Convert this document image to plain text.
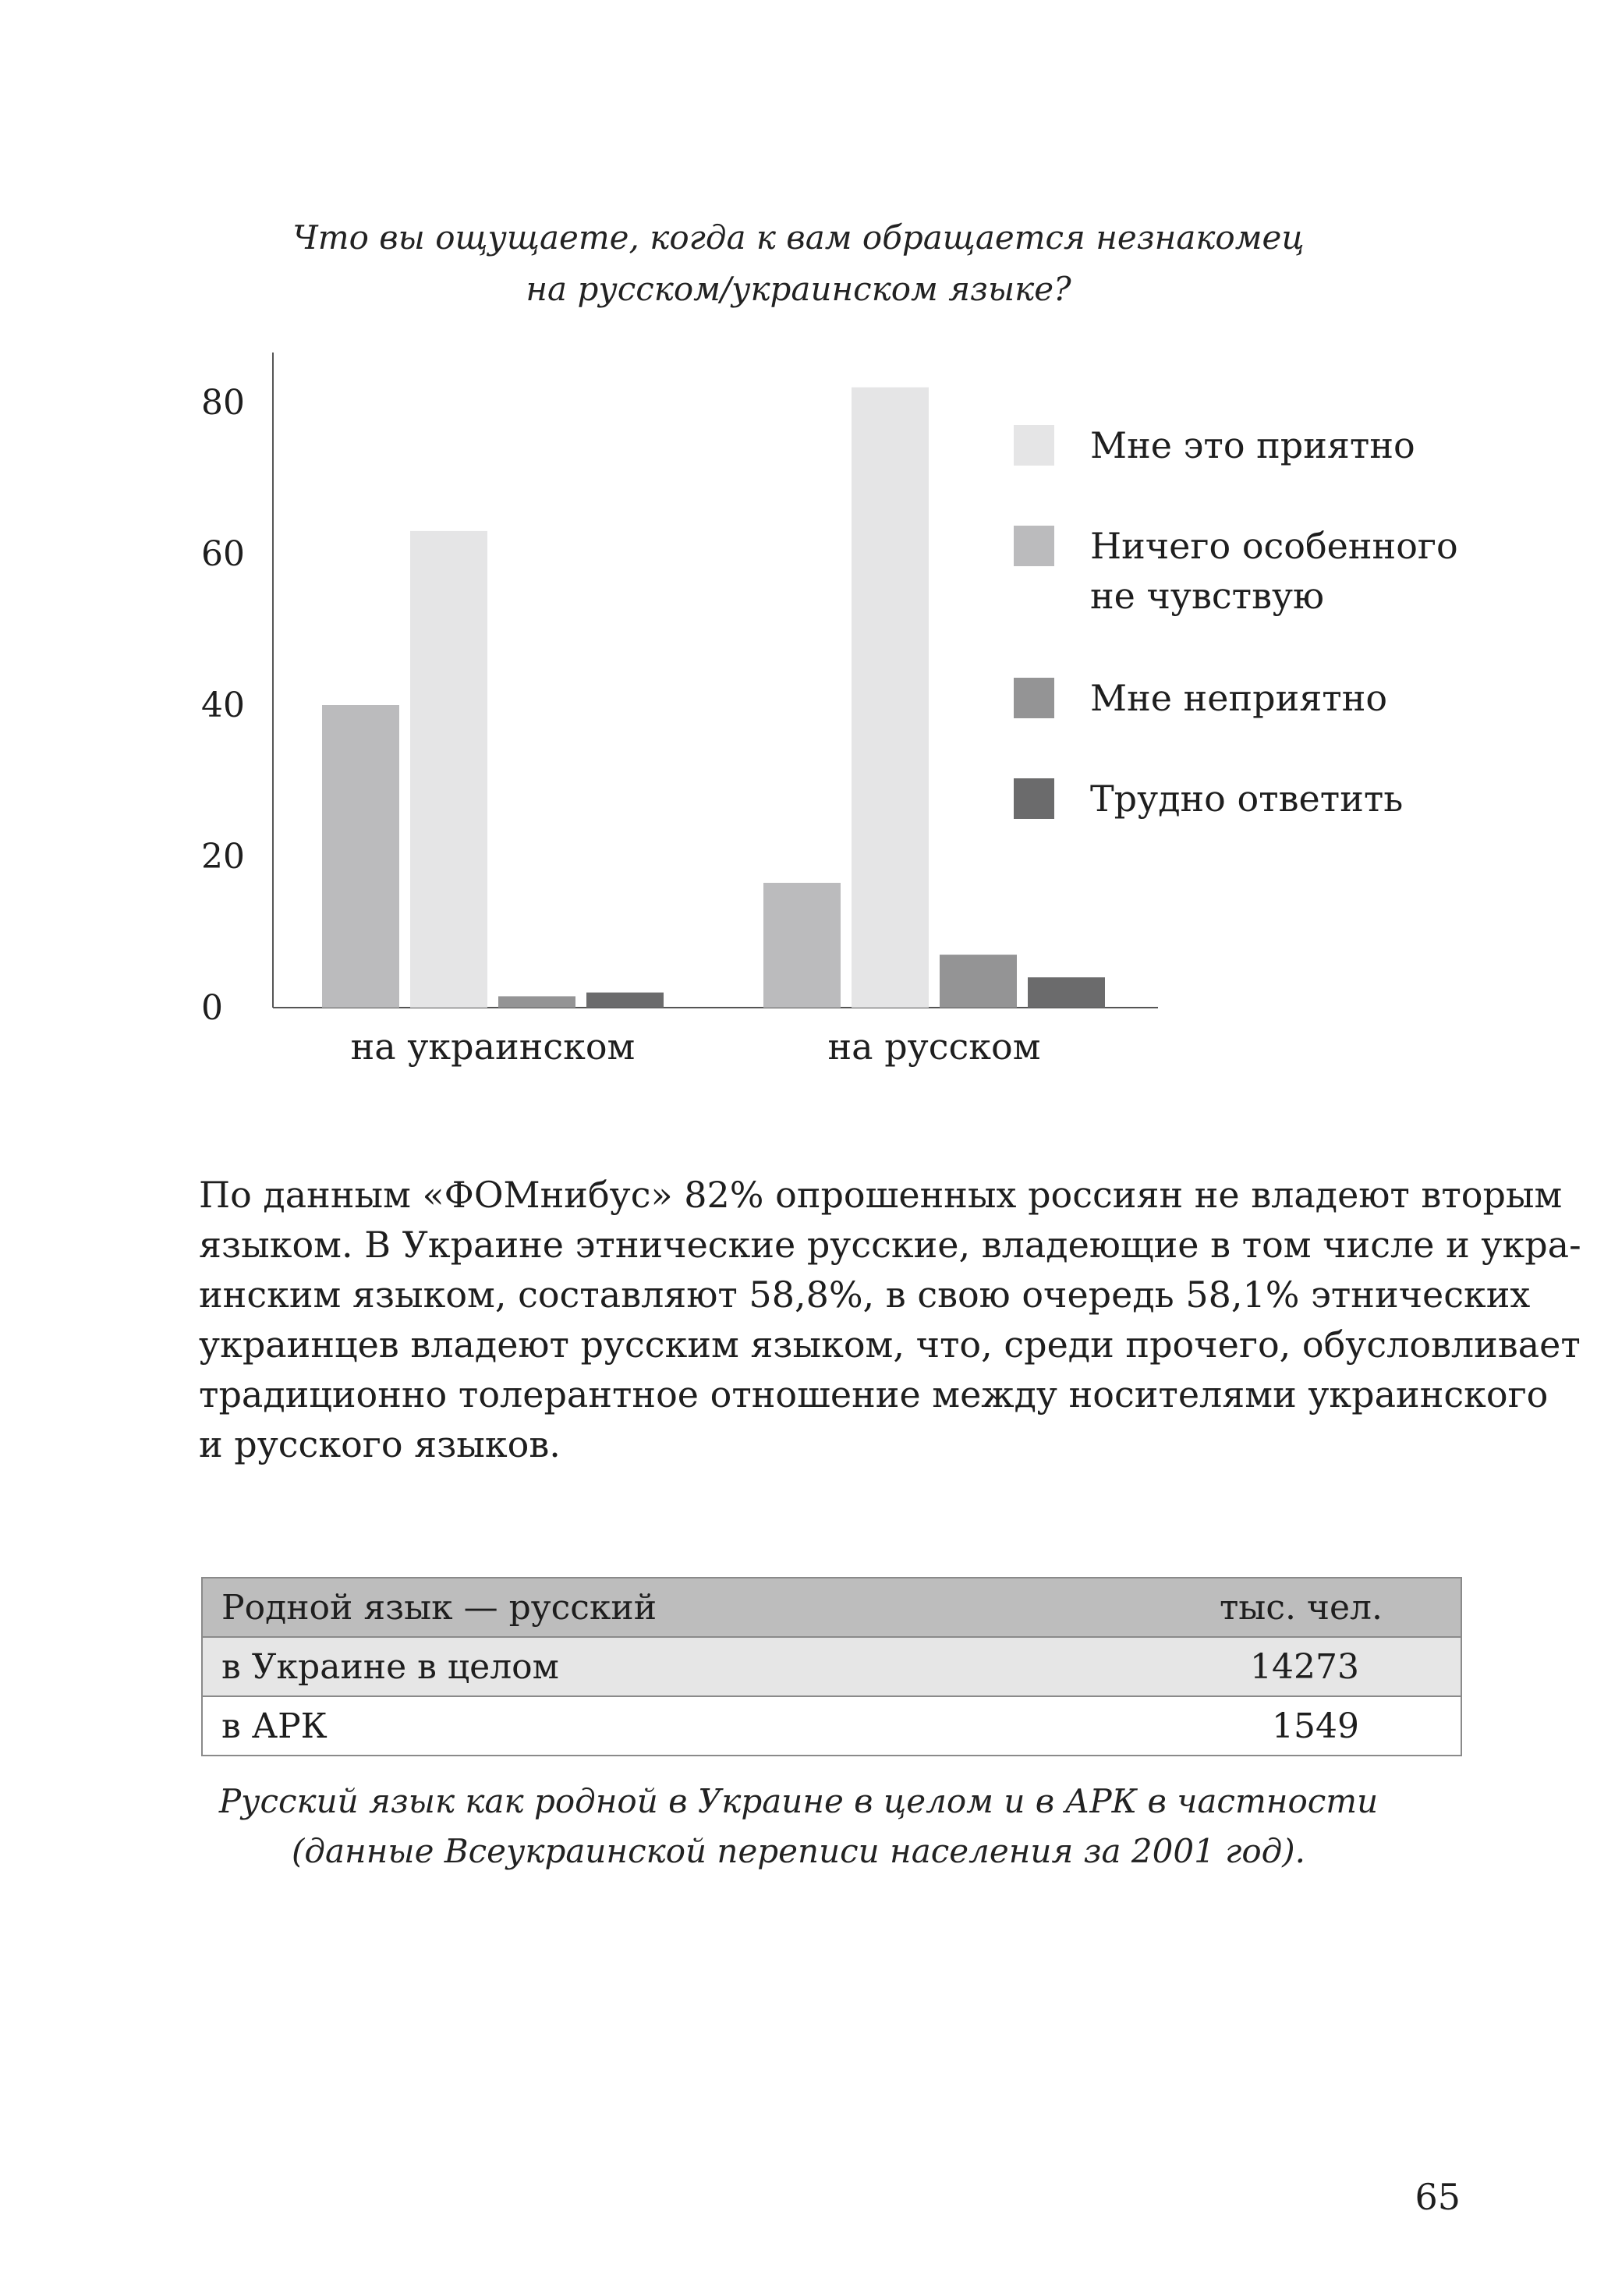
Что вы ощущаете, когда к вам обращается незнакомец
на русском/украинском языке?
0
20
40
60
80
на украинском	на русском
Мне это приятно
Ничего особенного
не чувствую
Мне неприятно
Трудно ответить
По данным «ФОМнибус» 82% опрошенных россиян не владеют вторым
языком. В Украине этнические русские, владеющие в том числе и укра-
инским языком, составляют 58,8%, в свою очередь 58,1% этнических
украинцев владеют русским языком, что, среди прочего, обусловливает
традиционно толерантное отношение между носителями украинского
и русского языков.
Родной язык — русский	тыс. чел.
в Украине в целом	14273
в АРК	1549
Русский язык как родной в Украине в целом и в АРК в частности
(данные Всеукраинской переписи населения за 2001 год).
65
